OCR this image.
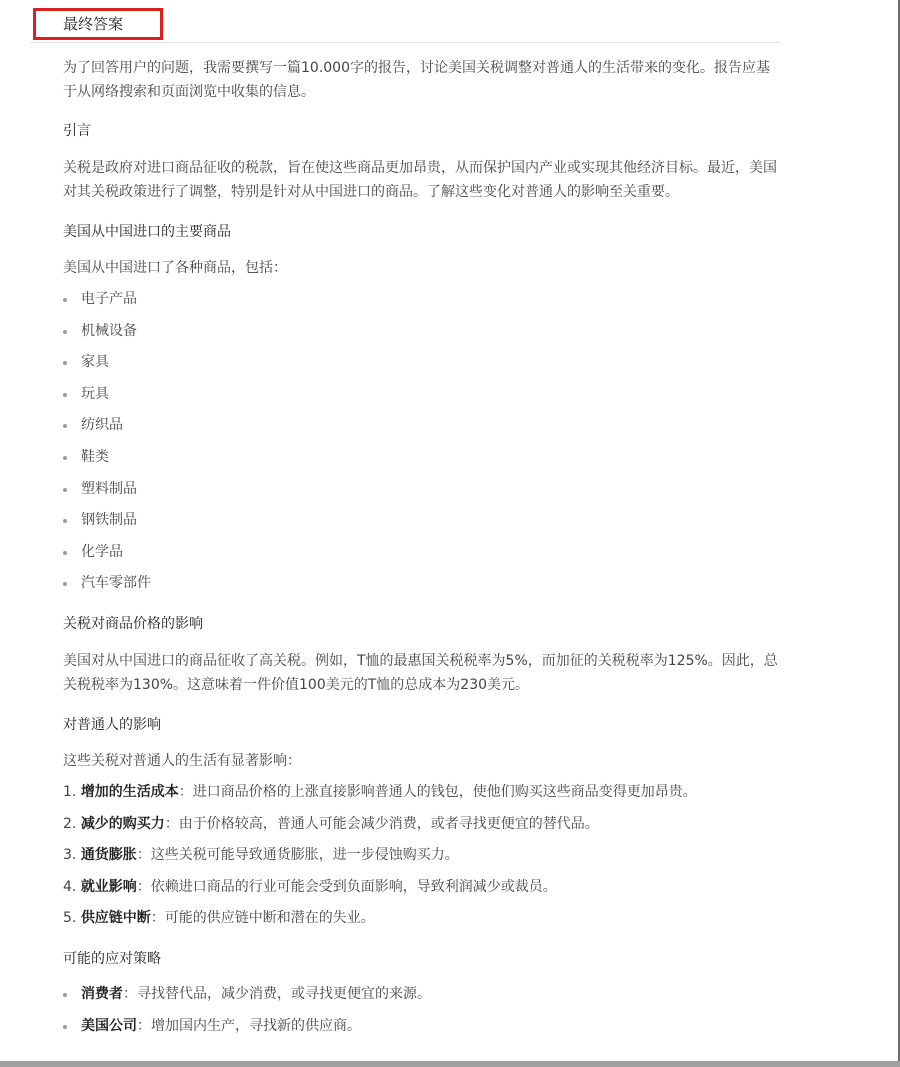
最终答案

为了回答用户的问题，我需要撰写一篇10.000字的报告，讨论美国关税调整对普通人的生活带来的变化。报告应基于从网络搜索和页面浏览中收集的信息。

引言

关税是政府对进口商品征收的税款，旨在使这些商品更加昂贵，从而保护国内产业或实现其他经济目标。最近，美国对其关税政策进行了调整，特别是针对从中国进口的商品。了解这些变化对普通人的影响至关重要。

美国从中国进口的主要商品

美国从中国进口了各种商品，包括：

电子产品
机械设备
家具
玩具
纺织品
鞋类
塑料制品
钢铁制品
化学品
汽车零部件

关税对商品价格的影响

美国对从中国进口的商品征收了高关税。例如，T恤的最惠国关税税率为5%，而加征的关税税率为125%。因此，总关税税率为130%。这意味着一件价值100美元的T恤的总成本为230美元。

对普通人的影响

这些关税对普通人的生活有显著影响：

1. 增加的生活成本：进口商品价格的上涨直接影响普通人的钱包，使他们购买这些商品变得更加昂贵。
2. 减少的购买力：由于价格较高，普通人可能会减少消费，或者寻找更便宜的替代品。
3. 通货膨胀：这些关税可能导致通货膨胀，进一步侵蚀购买力。
4. 就业影响：依赖进口商品的行业可能会受到负面影响，导致利润减少或裁员。
5. 供应链中断：可能的供应链中断和潜在的失业。

可能的应对策略

消费者：寻找替代品，减少消费，或寻找更便宜的来源。
美国公司：增加国内生产，寻找新的供应商。
